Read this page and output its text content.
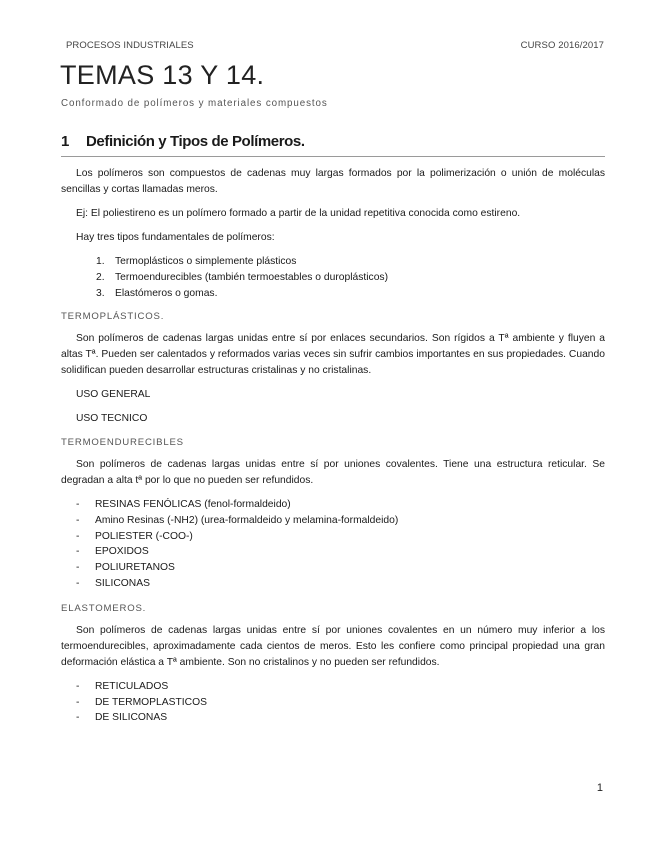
PROCESOS INDUSTRIALES	CURSO 2016/2017
TEMAS 13 Y 14.
Conformado de polímeros y materiales compuestos
1 Definición y Tipos de Polímeros.

Los polímeros son compuestos de cadenas muy largas formados por la polimerización o unión de moléculas sencillas y cortas llamadas meros.

Ej: El poliestireno es un polímero formado a partir de la unidad repetitiva conocida como estireno.

Hay tres tipos fundamentales de polímeros:

1. Termoplásticos o simplemente plásticos
2. Termoendurecibles (también termoestables o duroplásticos)
3. Elastómeros o gomas.
TERMOPLÁSTICOS.

Son polímeros de cadenas largas unidas entre sí por enlaces secundarios. Son rígidos a Tª ambiente y fluyen a altas Tª. Pueden ser calentados y reformados varias veces sin sufrir cambios importantes en sus propiedades. Cuando solidifican pueden desarrollar estructuras cristalinas y no cristalinas.

USO GENERAL

USO TECNICO

TERMOENDURECIBLES

Son polímeros de cadenas largas unidas entre sí por uniones covalentes. Tiene una estructura reticular. Se degradan a alta tª por lo que no pueden ser refundidos.

- RESINAS FENÓLICAS (fenol-formaldeido)
- Amino Resinas (-NH2) (urea-formaldeido y melamina-formaldeido)
- POLIESTER (-COO-)
- EPOXIDOS
- POLIURETANOS
- SILICONAS
ELASTOMEROS.

Son polímeros de cadenas largas unidas entre sí por uniones covalentes en un número muy inferior a los termoendurecibles, aproximadamente cada cientos de meros. Esto les confiere como principal propiedad una gran deformación elástica a Tª ambiente. Son no cristalinos y no pueden ser refundidos.

- RETICULADOS
- DE TERMOPLASTICOS
- DE SILICONAS
1
